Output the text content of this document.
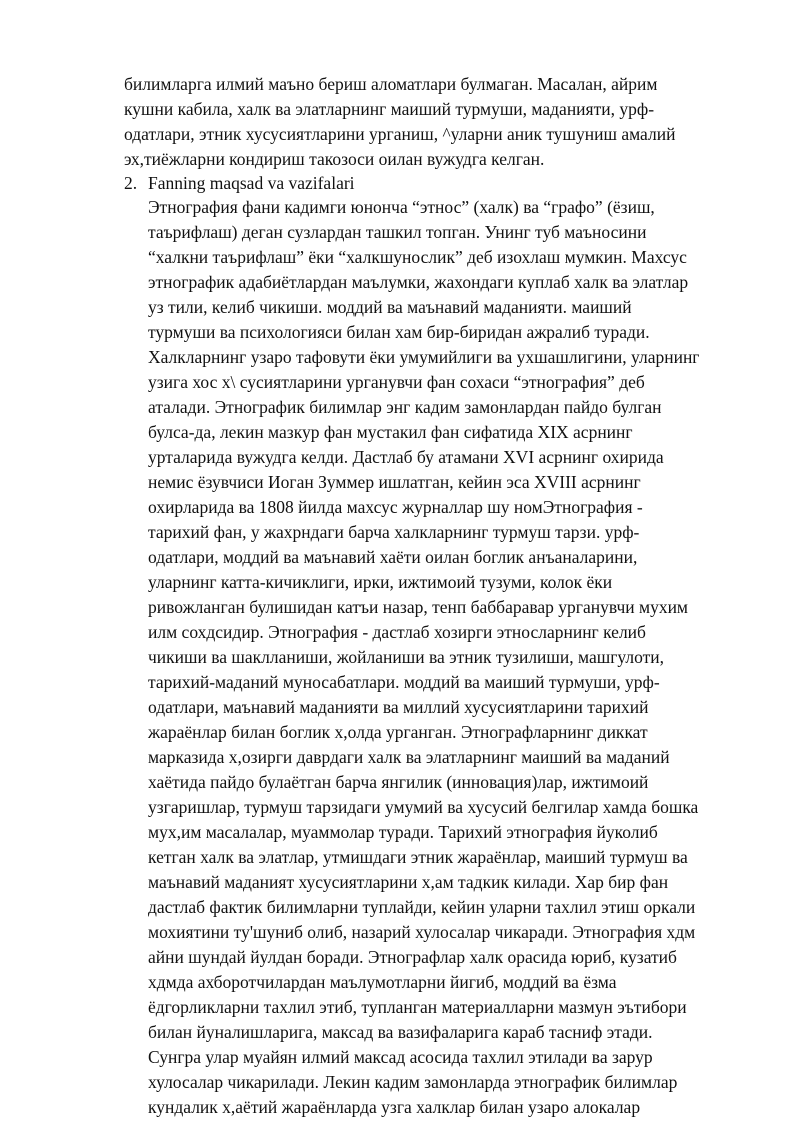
билимларга илмий маъно бериш аломатлари булмаган. Масалан, айрим
кушни кабила, халк ва элатларнинг маиший турмуши, маданияти, урф-
одатлари, этник хусусиятларини урганиш, ^уларни аник тушуниш амалий
эх,тиёжларни кондириш такозоси оилан вужудга келган.
2. Fanning maqsad va vazifalari
Этнография фани кадимги юнонча “этнос” (халк) ва “графо” (ёзиш,
таърифлаш) деган сузлардан ташкил топган. Унинг туб маъносини
“халкни таърифлаш” ёки “халкшунослик” деб изохлаш мумкин. Махсус
этнографик адабиётлардан маълумки, жахондаги куплаб халк ва элатлар
уз тили, келиб чикиши. моддий ва маънавий маданияти. маиший
турмуши ва психологияси билан хам бир-биридан ажралиб туради.
Халкларнинг узаро тафовути ёки умумийлиги ва ухшашлигини, уларнинг
узига хос х\ сусиятларини урганувчи фан сохаси “этнография” деб
аталади. Этнографик билимлар энг кадим замонлардан пайдо булган
булса-да, лекин мазкур фан мустакил фан сифатида XIX асрнинг
урталарида вужудга келди. Дастлаб бу атамани XVI асрнинг охирида
немис ёзувчиси Иоган Зуммер ишлатган, кейин эса XVIII асрнинг
охирларида ва 1808 йилда махсус журналлар шу номЭтнография -
тарихий фан, у жахрндаги барча халкларнинг турмуш тарзи. урф-
одатлари, моддий ва маънавий хаёти оилан боглик анъаналарини,
уларнинг катта-кичиклиги, ирки, ижтимоий тузуми, колок ёки
ривожланган булишидан катъи назар, тенп баббаравар урганувчи мухим
илм сохдсидир. Этнография - дастлаб хозирги этносларнинг келиб
чикиши ва шаклланиши, жойланиши ва этник тузилиши, машгулоти,
тарихий-маданий муносабатлари. моддий ва маиший турмуши, урф-
одатлари, маънавий маданияти ва миллий хусусиятларини тарихий
жараёнлар билан боглик х,олда урганган. Этнографларнинг диккат
марказида х,озирги даврдаги халк ва элатларнинг маиший ва маданий
хаётида пайдо булаётган барча янгилик (инновация)лар, ижтимоий
узгаришлар, турмуш тарзидаги умумий ва хусусий белгилар хамда бошка
мух,им масалалар, муаммолар туради. Тарихий этнография йуколиб
кетган халк ва элатлар, утмишдаги этник жараёнлар, маиший турмуш ва
маънавий маданият хусусиятларини х,ам тадкик килади. Хар бир фан
дастлаб фактик билимларни туплайди, кейин уларни тахлил этиш оркали
мохиятини ту'шуниб олиб, назарий хулосалар чикаради. Этнография хдм
айни шундай йулдан боради. Этнографлар халк орасида юриб, кузатиб
хдмда ахборотчилардан маълумотларни йигиб, моддий ва ёзма
ёдгорликларни тахлил этиб, тупланган материалларни мазмун эътибори
билан йуналишларига, максад ва вазифаларига караб тасниф этади.
Сунгра улар муайян илмий максад асосида тахлил этилади ва зарур
хулосалар чикарилади. Лекин кадим замонларда этнографик билимлар
кундалик х,аётий жараёнларда узга халклар билан узаро алокалар
